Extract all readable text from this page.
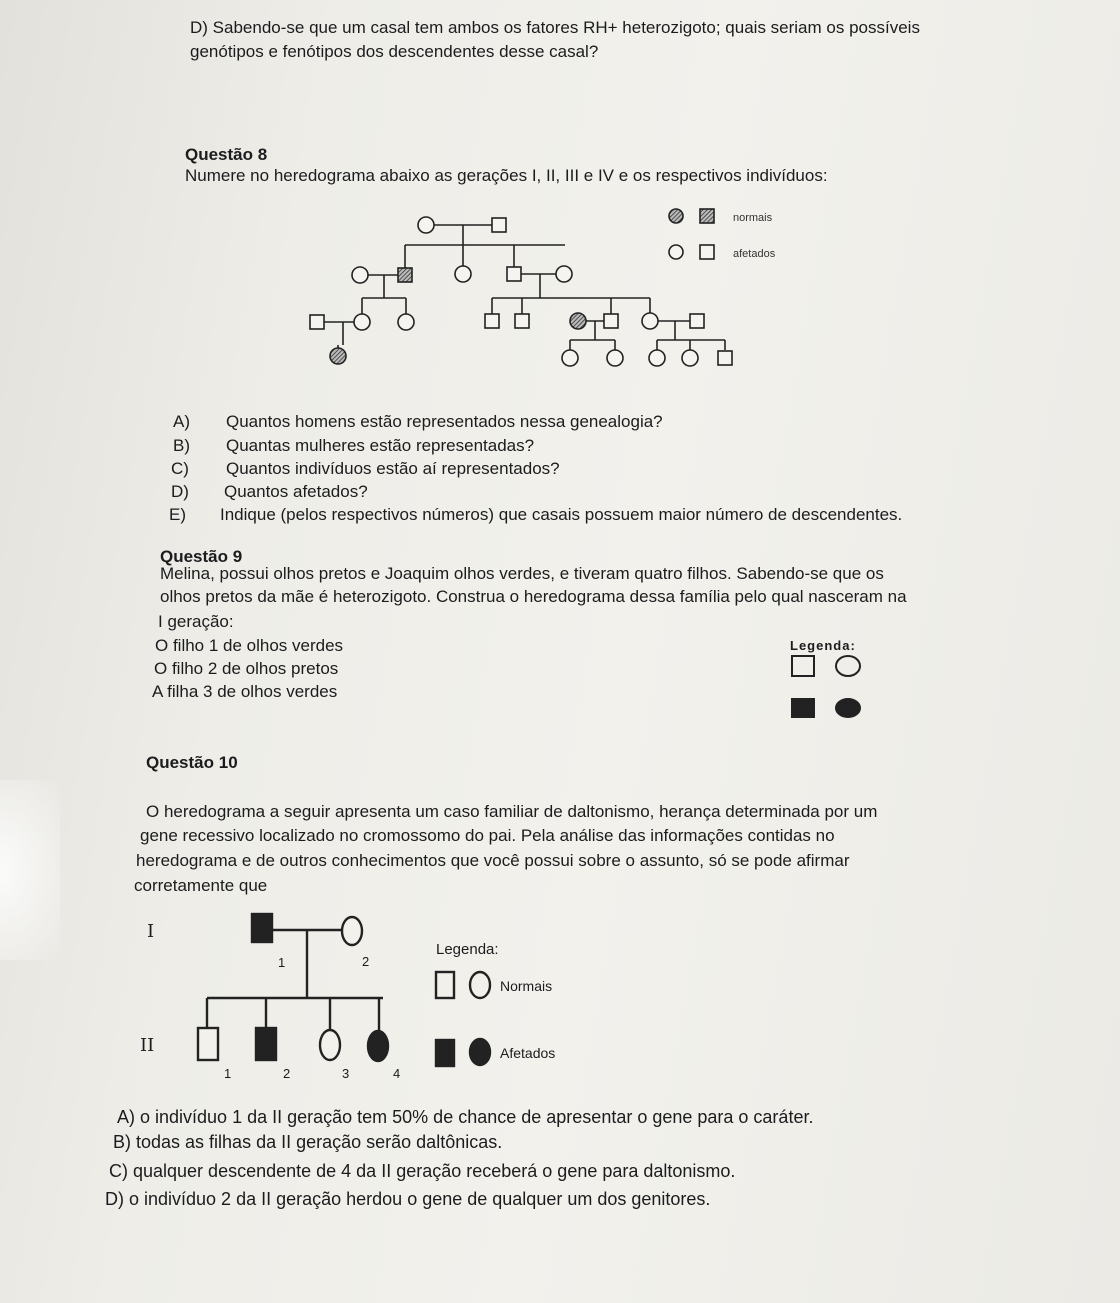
D) Sabendo-se que um casal tem ambos os fatores RH+ heterozigoto; quais seriam os possíveis
genótipos e fenótipos dos descendentes desse casal?
Questão 8
Numere no heredograma abaixo as gerações I, II, III e IV e os respectivos indivíduos:
normais
afetados
A) Quantos homens estão representados nessa genealogia?
B) Quantas mulheres estão representadas?
C) Quantos indivíduos estão aí representados?
D) Quantos afetados?
E) Indique (pelos respectivos números) que casais possuem maior número de descendentes.
Questão 9
Melina, possui olhos pretos e Joaquim olhos verdes, e tiveram quatro filhos. Sabendo-se que os
olhos pretos da mãe é heterozigoto. Construa o heredograma dessa família pelo qual nasceram na
I geração:
O filho 1 de olhos verdes
O filho 2 de olhos pretos
A filha 3 de olhos verdes
Legenda:
Questão 10
O heredograma a seguir apresenta um caso familiar de daltonismo, herança determinada por um
gene recessivo localizado no cromossomo do pai. Pela análise das informações contidas no
heredograma e de outros conhecimentos que você possui sobre o assunto, só se pode afirmar
corretamente que
I
II
1	2
1	2	3	4
Legenda:
Normais
Afetados
A) o indivíduo 1 da II geração tem 50% de chance de apresentar o gene para o caráter.
B) todas as filhas da II geração serão daltônicas.
C) qualquer descendente de 4 da II geração receberá o gene para daltonismo.
D) o indivíduo 2 da II geração herdou o gene de qualquer um dos genitores.
